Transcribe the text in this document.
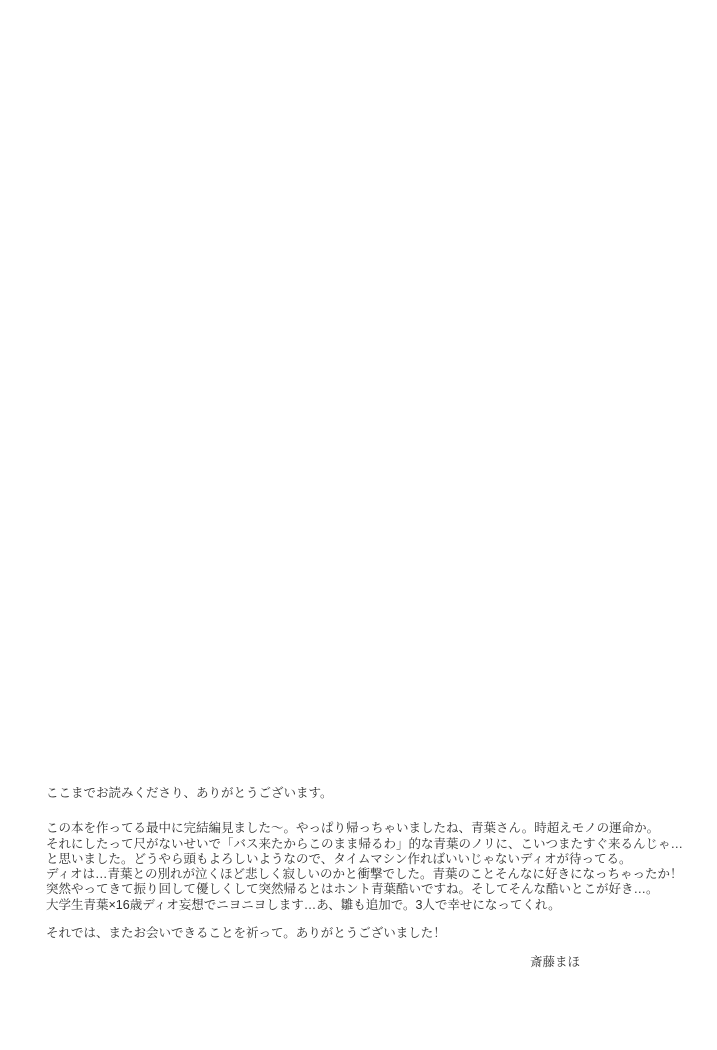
ここまでお読みくださり、ありがとうございます。
この本を作ってる最中に完結編見ました～。やっぱり帰っちゃいましたね、青葉さん。時超えモノの運命か。
それにしたって尺がないせいで「バス来たからこのまま帰るわ」的な青葉のノリに、こいつまたすぐ来るんじゃ…
と思いました。どうやら頭もよろしいようなので、タイムマシン作ればいいじゃないディオが待ってる。
ディオは…青葉との別れが泣くほど悲しく寂しいのかと衝撃でした。青葉のことそんなに好きになっちゃったか！
突然やってきて振り回して優しくして突然帰るとはホント青葉酷いですね。そしてそんな酷いとこが好き…。
大学生青葉×16歳ディオ妄想でニヨニヨします…あ、雛も追加で。3人で幸せになってくれ。
それでは、またお会いできることを祈って。ありがとうございました！
斎藤まほ
